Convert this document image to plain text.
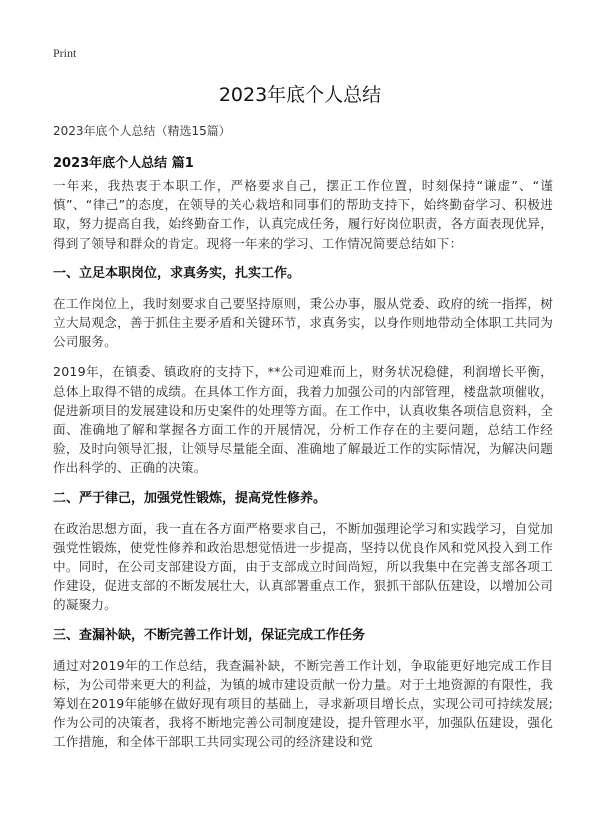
Print
2023年底个人总结
2023年底个人总结（精选15篇）
2023年底个人总结 篇1

一年来，我热衷于本职工作，严格要求自己，摆正工作位置，时刻保持“谦虚”、“谨慎”、“律己”的态度，在领导的关心栽培和同事们的帮助支持下，始终勤奋学习、积极进取，努力提高自我，始终勤奋工作，认真完成任务，履行好岗位职责，各方面表现优异，得到了领导和群众的肯定。现将一年来的学习、工作情况简要总结如下：

一、立足本职岗位，求真务实，扎实工作。

在工作岗位上，我时刻要求自己要坚持原则，秉公办事，服从党委、政府的统一指挥，树立大局观念，善于抓住主要矛盾和关键环节，求真务实，以身作则地带动全体职工共同为公司服务。

2019年，在镇委、镇政府的支持下，**公司迎难而上，财务状况稳健，利润增长平衡，总体上取得不错的成绩。在具体工作方面，我着力加强公司的内部管理，楼盘款项催收，促进新项目的发展建设和历史案件的处理等方面。在工作中，认真收集各项信息资料，全面、准确地了解和掌握各方面工作的开展情况，分析工作存在的主要问题，总结工作经验，及时向领导汇报，让领导尽量能全面、准确地了解最近工作的实际情况，为解决问题作出科学的、正确的决策。

二、严于律己，加强党性锻炼，提高党性修养。

在政治思想方面，我一直在各方面严格要求自己，不断加强理论学习和实践学习，自觉加强党性锻炼，使党性修养和政治思想觉悟进一步提高，坚持以优良作风和党风投入到工作中。同时，在公司支部建设方面，由于支部成立时间尚短，所以我集中在完善支部各项工作建设，促进支部的不断发展壮大，认真部署重点工作，狠抓干部队伍建设，以增加公司的凝聚力。

三、查漏补缺，不断完善工作计划，保证完成工作任务

通过对2019年的工作总结，我查漏补缺，不断完善工作计划，争取能更好地完成工作目标，为公司带来更大的利益，为镇的城市建设贡献一份力量。对于土地资源的有限性，我筹划在2019年能够在做好现有项目的基础上，寻求新项目增长点，实现公司可持续发展;作为公司的决策者，我将不断地完善公司制度建设，提升管理水平，加强队伍建设，强化工作措施，和全体干部职工共同实现公司的经济建设和党
